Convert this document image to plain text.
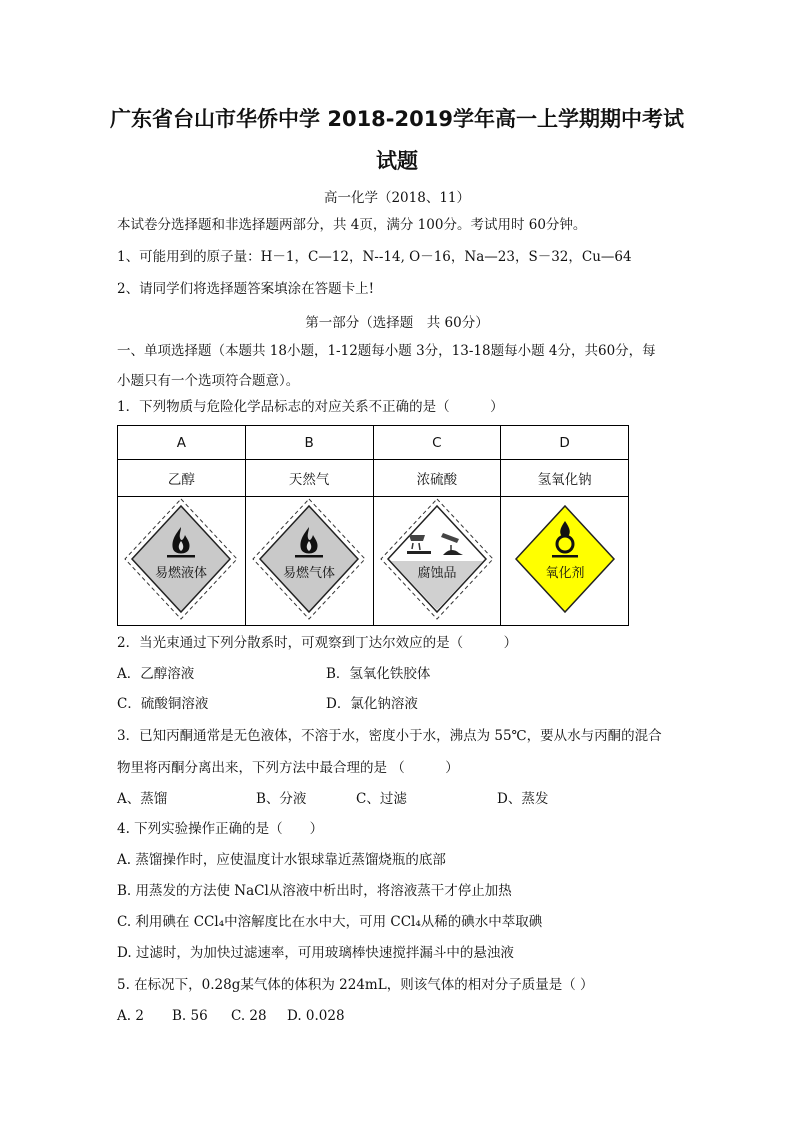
广东省台山市华侨中学 2018-2019学年高一上学期期中考试
试题
高一化学（2018、11）
本试卷分选择题和非选择题两部分，共 4页，满分 100分。考试用时 60分钟。
1、可能用到的原子量：H－1，C—12，N--14, O－16，Na—23，S－32，Cu—64
2、请同学们将选择题答案填涂在答题卡上!
第一部分（选择题　共 60分）
一、单项选择题（本题共 18小题，1-12题每小题 3分，13-18题每小题 4分，共60分，每
小题只有一个选项符合题意）。
1．下列物质与危险化学品标志的对应关系不正确的是（　　　）
A	B	C	D
乙醇	天然气	浓硫酸	氢氧化钠

易燃液体	易燃气体	腐蚀品	氧化剂
2．当光束通过下列分散系时，可观察到丁达尔效应的是（　　　）
A．乙醇溶液	B．氢氧化铁胶体
C．硫酸铜溶液	D．氯化钠溶液
3．已知丙酮通常是无色液体，不溶于水，密度小于水，沸点为 55℃，要从水与丙酮的混合
物里将丙酮分离出来，下列方法中最合理的是 （　　　）
A、蒸馏	B、分液	C、过滤	D、蒸发
4. 下列实验操作正确的是（　　）
A. 蒸馏操作时，应使温度计水银球靠近蒸馏烧瓶的底部
B. 用蒸发的方法使 NaCl从溶液中析出时，将溶液蒸干才停止加热
C. 利用碘在 CCl₄中溶解度比在水中大，可用 CCl₄从稀的碘水中萃取碘
D. 过滤时，为加快过滤速率，可用玻璃棒快速搅拌漏斗中的悬浊液
5. 在标况下，0.28g某气体的体积为 224mL，则该气体的相对分子质量是（ ）
A. 2 B. 56 C. 28 D. 0.028
